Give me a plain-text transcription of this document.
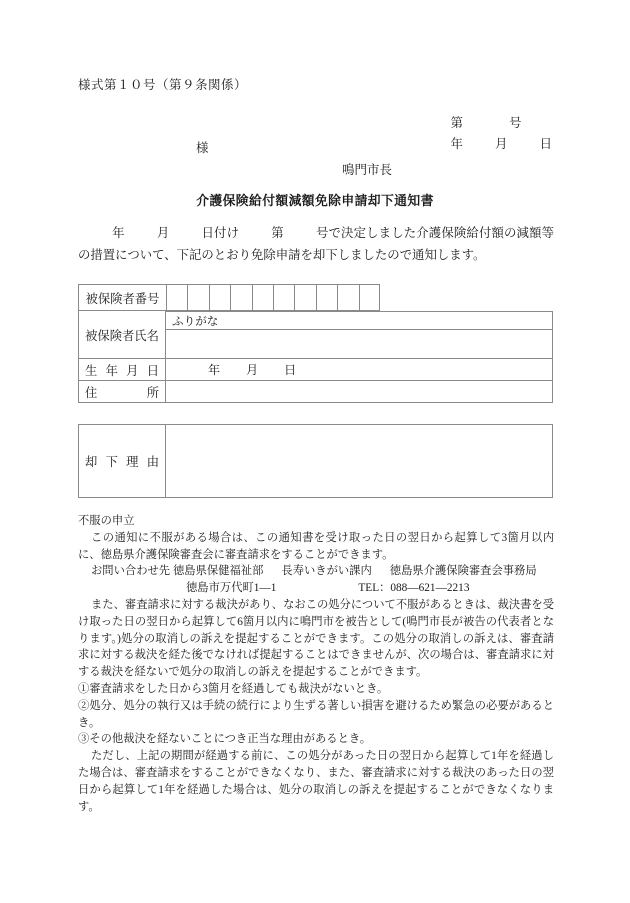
様式第１０号（第９条関係）

第	号

年	月	日

様
鳴門市長
介護保険給付額減額免除申請却下通知書
年	月	日付け	第	号で決定しました介護保険給付額の減額等の措置について、下記のとおり免除申請を却下しましたので通知します。
被保険者番号
被保険者氏名
ふりがな
生 年 月 日	年	月	日
住	所
却 下 理 由

不服の申立

この通知に不服がある場合は、この通知書を受け取った日の翌日から起算して3箇月以内に、徳島県介護保険審査会に審査請求をすることができます。

お問い合わせ先 徳島県保健福祉部 長寿いきがい課内 徳島県介護保険審査会事務局
徳島市万代町1―1	TEL：088―621―2213

また、審査請求に対する裁決があり、なおこの処分について不服があるときは、裁決書を受け取った日の翌日から起算して6箇月以内に鳴門市を被告として(鳴門市長が被告の代表者となります。)処分の取消しの訴えを提起することができます。この処分の取消しの訴えは、審査請求に対する裁決を経た後でなければ提起することはできませんが、次の場合は、審査請求に対する裁決を経ないで処分の取消しの訴えを提起することができます。

①審査請求をした日から3箇月を経過しても裁決がないとき。

②処分、処分の執行又は手続の続行により生ずる著しい損害を避けるため緊急の必要があるとき。

③その他裁決を経ないことにつき正当な理由があるとき。

ただし、上記の期間が経過する前に、この処分があった日の翌日から起算して1年を経過した場合は、審査請求をすることができなくなり、また、審査請求に対する裁決のあった日の翌日から起算して1年を経過した場合は、処分の取消しの訴えを提起することができなくなります。
